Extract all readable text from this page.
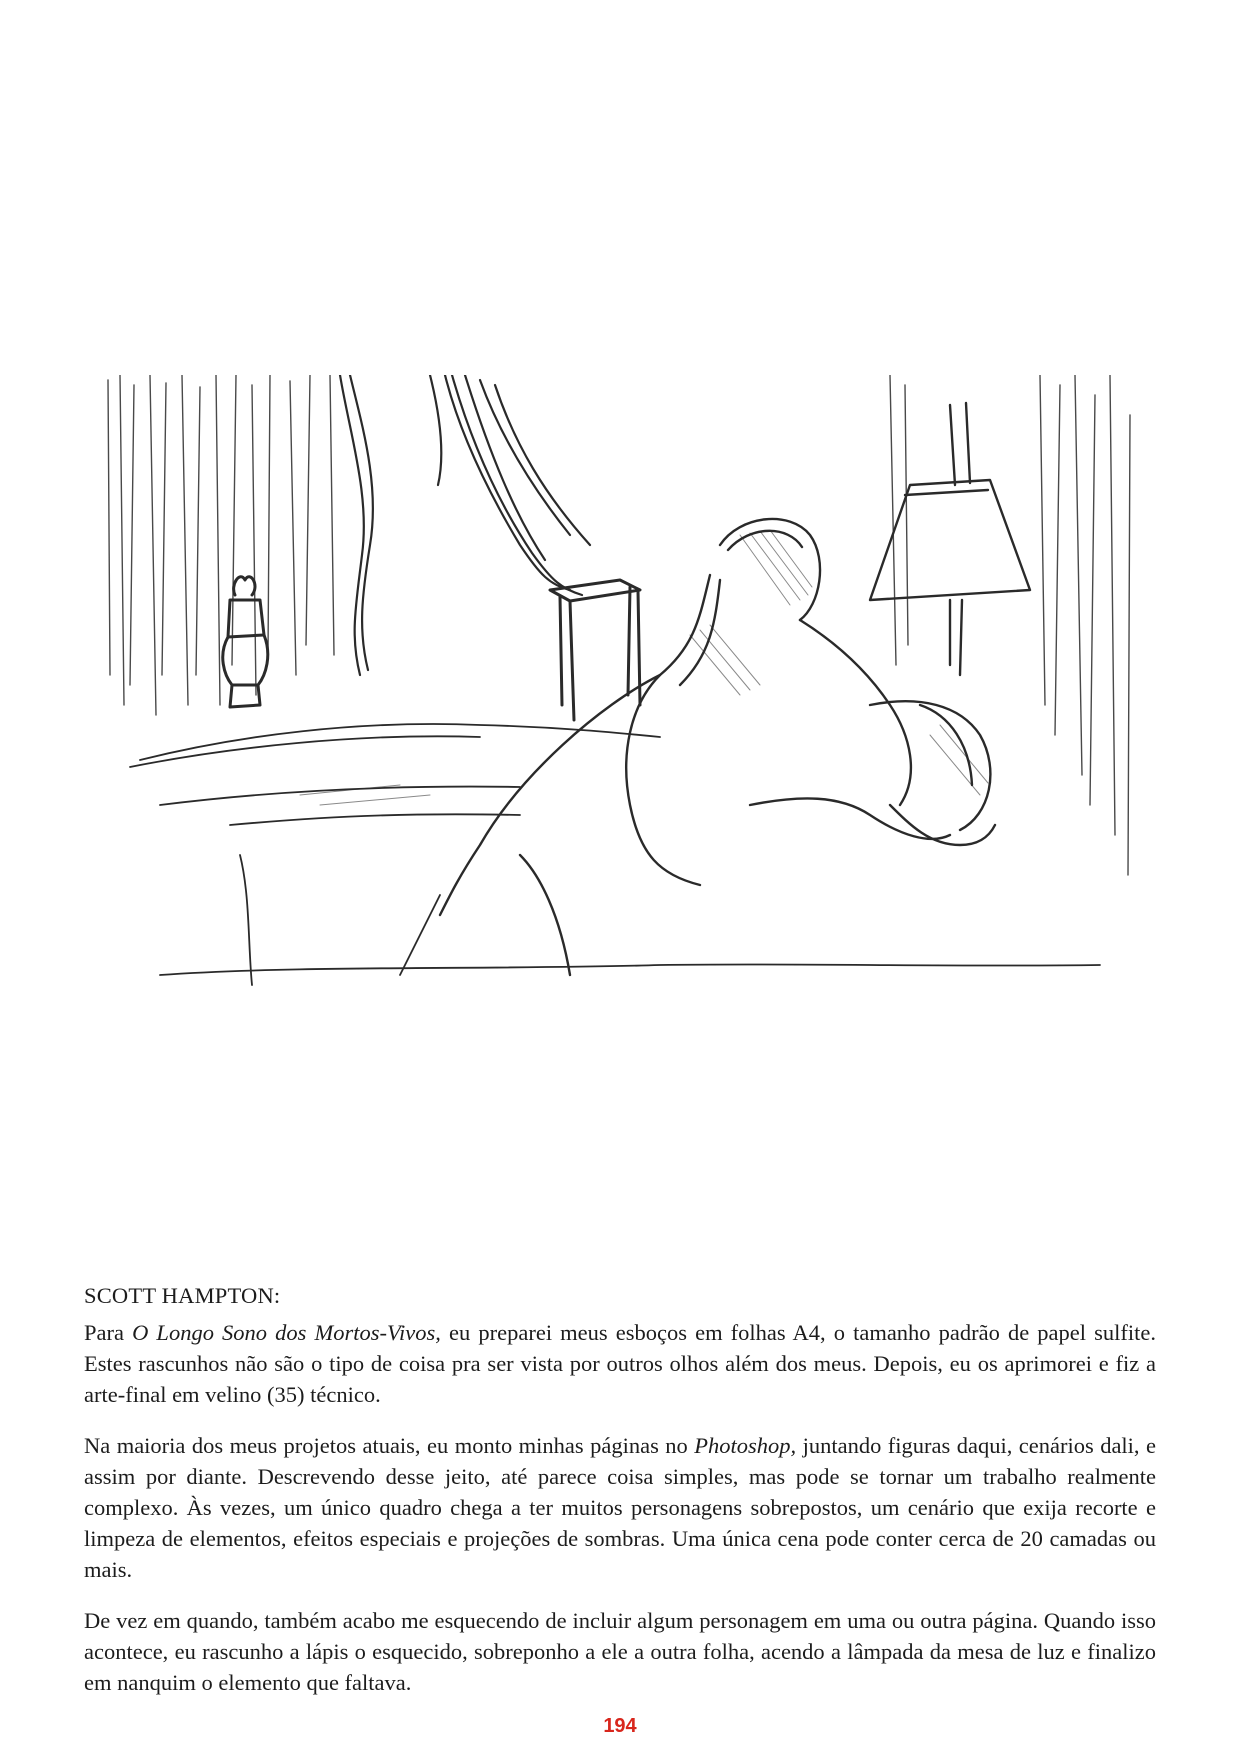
SCOTT HAMPTON:

Para O Longo Sono dos Mortos-Vivos, eu preparei meus esboços em folhas A4, o tamanho padrão de papel sulfite. Estes rascunhos não são o tipo de coisa pra ser vista por outros olhos além dos meus. Depois, eu os aprimorei e fiz a arte-final em velino (35) técnico.

Na maioria dos meus projetos atuais, eu monto minhas páginas no Photoshop, juntando figuras daqui, cenários dali, e assim por diante. Descrevendo desse jeito, até parece coisa simples, mas pode se tornar um trabalho realmente complexo. Às vezes, um único quadro chega a ter muitos personagens sobrepostos, um cenário que exija recorte e limpeza de elementos, efeitos especiais e projeções de sombras. Uma única cena pode conter cerca de 20 camadas ou mais.

De vez em quando, também acabo me esquecendo de incluir algum personagem em uma ou outra página. Quando isso acontece, eu rascunho a lápis o esquecido, sobreponho a ele a outra folha, acendo a lâmpada da mesa de luz e finalizo em nanquim o elemento que faltava.

194
